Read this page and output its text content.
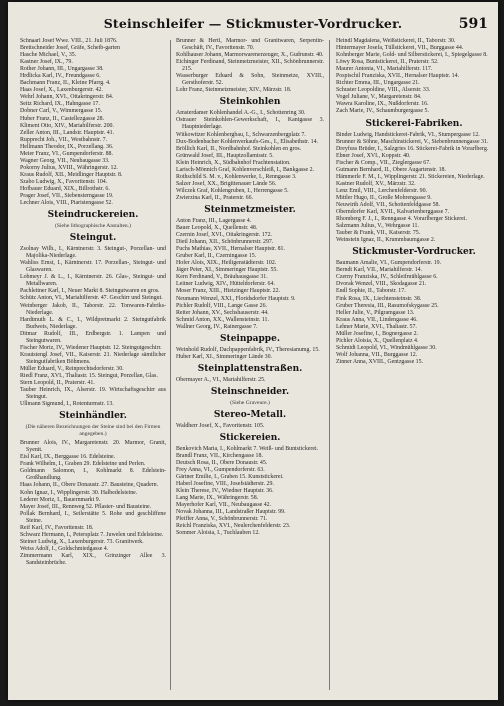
Steinschleifer — Stickmuster-Vordrucker.	591
Schnaarl Josef Wwe. VIII., 21. Juli 1876.
Brettschneider Josef, Gräfe, Scheib-garten
Hasche Michael, V., 35.
Kastner Josef, IX., 79.
Rother Johann, III., Ungargasse 38.
Hrdlicka Karl, IV., Freundgasse 6.
Bachmann Franz, II., Kleine Pfarrg. 4.
Haas Josef, X., Laxenburgerstr. 42.
Wehrl Johann, XVI., Ottakringerstr. 84.
Seitz Richard, IX., Hahngasse 17.
Dobner Carl, V., Wimmergasse 15.
Huber Franz, II., Castellezgasse 28.
Kliment Otto, XIV., Mariahilferstr. 200.
Zeller Anton, III., Landstr. Hauptstr. 41.
Rupprecht Joh., VII., Westbahnstr. 7.
Hellmann Theodor, IX., Porzellang. 36.
Meier Franz, VI., Gumpendorferstr. 88.
Wagner Georg, VII., Neubaugasse 33.
Pokorny Julius, XVIII., Währingerstr. 12.
Kraus Rudolf, XII., Meidlinger Hauptstr. 8.
Szabo Ludwig, X., Favoritenstr. 104.
Hofbauer Eduard, XIX., Billrothstr. 6.
Prager Josef, VII., Siebensterngasse 19.
Lechner Alois, VIII., Piaristengasse 52.
Steindruckereien.
(Siehe lithographische Anstalten.)
Steingut.
Zsolnay Wilh., I., Kärntnerstr. 3. Steingut-, Porzellan- und Majolika-Niederlage.
Wahliss Ernst, I., Kärntnerstr. 17. Porzellan-, Steingut- und Glaswaren.
Lobmeyr J. & L., I., Kärntnerstr. 26. Glas-, Steingut- und Metallwaren.
Pachleitner Karl, I., Neuer Markt 8. Steingutwaren en gros.
Schütz Anton, VI., Mariahilferstr. 47. Geschirr und Steingut.
Weinberger Jakob, II., Taborstr. 22. Tonwaren-Fabriks-Niederlage.
Hardtmuth L. & C., I., Wildpretmarkt 2. Steingutfabrik Budweis, Niederlage.
Ditmar Rudolf, III., Erdbergstr. 1. Lampen und Steingutwaren.
Fischer Moriz, IV., Wiedener Hauptstr. 12. Steingutgeschirr.
Krautstengl Josef, VII., Kaiserstr. 21. Niederlage sämtlicher Steingutfabriken Böhmens.
Müller Eduard, V., Reinprechtsdorferstr. 30.
Riedl Franz, XVI., Thaliastr. 15. Steingut, Porzellan, Glas.
Stern Leopold, II., Praterstr. 41.
Tauber Heinrich, IX., Alserstr. 19. Wirtschaftsgeschirr aus Steingut.
Ullmann Sigmund, I., Rotenturmstr. 13.
Steinhändler.
(Die näheren Bezeichnungen der Steine sind bei den Firmen angegeben.)
Brunner Alois, IV., Margaretenstr. 20. Marmor, Granit, Syenit.
Eisl Karl, IX., Berggasse 16. Edelsteine.
Frank Wilhelm, I., Graben 29. Edelsteine und Perlen.
Goldmann Salomon, I., Kohlmarkt 8. Edelstein-Großhandlung.
Haas Johann, II., Obere Donaustr. 27. Bausteine, Quadern.
Kohn Ignaz, I., Wipplingerstr. 30. Halbedelsteine.
Lederer Moriz, I., Bauernmarkt 9.
Mayer Josef, III., Rennweg 52. Pflaster- und Bausteine.
Pollak Bernhard, I., Seilerstätte 5. Rohe und geschliffene Steine.
Reif Karl, IV., Favoritenstr. 18.
Schwarz Hermann, I., Petersplatz 7. Juwelen und Edelsteine.
Steiner Ludwig, X., Laxenburgerstr. 73. Granitwerk.
Weiss Adolf, I., Goldschmiedgasse 4.
Zimmermann Karl, XIX., Grinzinger Allee 3. Sandsteinbrüche.
Brunner & Hertl, Marmor- und Granitwaren, Serpentin-Geschäft, IV., Favoritenstr. 70.
Kohlhauser Johann, Marmorwarenerzeuger, X., Gudrunstr. 40.
Eichinger Ferdinand, Steinmetzmeister, XII., Schönbrunnerstr. 215.
Wasserburger Eduard & Sohn, Steinmetze, XVIII., Gersthoferstr. 52.
Lohr Franz, Steinmetzmeister, XIV., Märzstr. 18.
Steinkohlen
Amsterdamer Kohlenhandel A.-G., I., Schottenring 30.
Ostrauer Steinkohlen-Gewerkschaft, I., Kantgasse 3. Hauptniederlage.
Witkowitzer Kohlenbergbau, I., Schwarzenbergplatz 7.
Dux-Bodenbacher Kohlenverkaufs-Ges., I., Elisabethstr. 14.
Bröllich Karl, II., Nordbahnhof. Steinkohlen en gros.
Grünwald Josef, III., Hauptzollamtsstr. 5.
Klein Heinrich, X., Südbahnhof Frachtenstation.
Larisch-Mönnich Graf, Kohlenverschleiß, I., Bankgasse 2.
Rothschild S. M. v., Kohlenwerke, I., Renngasse 3.
Salzer Josef, XX., Brigittenauer Lände 56.
Wilczek Graf, Kohlengruben, I., Herrengasse 5.
Zwierzina Karl, II., Praterstr. 66.
Steinmetzmeister.
Anton Franz, III., Lagergasse 4.
Bauer Leopold, X., Quellenstr. 48.
Czernin Josef, XVI., Ottakringerstr. 172.
Dietl Johann, XII., Schönbrunnerstr. 297.
Fuchs Mathias, XVII., Hernalser Hauptstr. 81.
Gruber Karl, II., Czerningasse 15.
Hofer Alois, XIX., Heiligenstädterstr. 102.
Jäger Peter, XI., Simmeringer Hauptstr. 55.
Kern Ferdinand, V., Bräuhausgasse 31.
Leitner Ludwig, XIV., Hütteldorferstr. 64.
Moser Franz, XIII., Hietzinger Hauptstr. 22.
Neumann Wenzel, XXI., Floridsdorfer Hauptstr. 9.
Pichler Rudolf, VIII., Lange Gasse 26.
Reiter Johann, XV., Sechshauserstr. 44.
Schmid Anton, XX., Wallensteinstr. 11.
Wallner Georg, IV., Rainergasse 7.
Steinpappe.
Weinhold Rudolf, Dachpappenfabrik, IV., Theresianumg. 15.
Huber Karl, XI., Simmeringer Lände 30.
Steinplattenstraßen.
Obermayer A., VI., Mariahilferstr. 25.
Steinschneider.
(Siehe Graveure.)
Stereo-Metall.
Waldherr Josef, X., Favoritenstr. 105.
Stickereien.
Benkovich Maria, I., Kohlmarkt 7. Weiß- und Buntstickerei.
Brandl Franz, VII., Kirchengasse 18.
Deutsch Rosa, II., Obere Donaustr. 45.
Frey Anna, VI., Gumpendorferstr. 63.
Gärtner Emilie, I., Graben 15. Kunststickerei.
Haberl Josefine, VIII., Josefstädterstr. 29.
Klein Therese, IV., Wiedner Hauptstr. 36.
Lang Marie, IX., Währingerstr. 58.
Mayerhofer Karl, VII., Neubaugasse 42.
Novak Johanna, III., Landstraßer Hauptstr. 99.
Pfeiffer Anna, V., Schönbrunnerstr. 71.
Reichl Franziska, XVI., Neulerchenfelderstr. 23.
Sommer Aloisia, I., Tuchlauben 12.
Heindl Magdalena, Weißstickerei, II., Taborstr. 30.
Hintermayer Josefa, Tüllstickerei, VII., Burggasse 44.
Kohnberger Marie, Gold- und Silberstickerei, I., Spiegelgasse 8.
Löwy Rosa, Buntstickerei, II., Praterstr. 52.
Maurer Antonia, VI., Mariahilferstr. 117.
Pospischil Franziska, XVII., Hernalser Hauptstr. 14.
Richter Emma, III., Ungargasse 21.
Schuster Leopoldine, VIII., Alserstr. 33.
Vogel Juliane, V., Margaretenstr. 84.
Wawra Karoline, IX., Nußdorferstr. 16.
Zach Marie, IV., Schaumburgergasse 5.
Stickerei-Fabriken.
Binder Ludwig, Handstickerei-Fabrik, VI., Stumpergasse 12.
Brunner & Söhne, Maschinstickerei, V., Siebenbrunnengasse 31.
Dreyfuss Brüder, I., Salzgries 16. Stickerei-Fabrik in Vorarlberg.
Ebner Josef, XVI., Koppstr. 40.
Fischer & Comp., VII., Zieglergasse 67.
Gutmann Bernhard, II., Obere Augartenstr. 18.
Hämmerle F. M., I., Wipplingerstr. 21. Stickereien, Niederlage.
Kastner Rudolf, XV., Märzstr. 32.
Lenz Emil, VIII., Lerchenfelderstr. 90.
Mittler Hugo, II., Große Mohrengasse 9.
Neuwirth Adolf, VII., Schottenfeldgasse 58.
Oberndorfer Karl, XVII., Kalvarienberggasse 7.
Rhomberg F. J., I., Renngasse 4. Vorarlberger Stickerei.
Salzmann Julius, V., Wehrgasse 11.
Tauber & Frank, VII., Kaiserstr. 75.
Weinstein Ignaz, II., Krummbaumgasse 2.
Stickmuster-Vordrucker.
Baumann Amalie, VI., Gumpendorferstr. 19.
Berndt Karl, VII., Mariahilferstr. 14.
Czerny Franziska, IV., Schleifmühlgasse 6.
Dvorak Wenzel, VIII., Skodagasse 21.
Endl Sophie, II., Taborstr. 17.
Fink Rosa, IX., Liechtensteinstr. 38.
Gruber Theresia, III., Rasumofskygasse 25.
Heller Julie, V., Pilgramgasse 13.
Kraus Anna, VII., Lindengasse 46.
Lehner Marie, XVI., Thaliastr. 57.
Müller Josefine, I., Bognergasse 2.
Pichler Aloisia, X., Quellenplatz 4.
Schmidt Leopold, VI., Windmühlgasse 30.
Wolf Johanna, VII., Burggasse 12.
Zinner Anna, XVIII., Gentzgasse 15.
